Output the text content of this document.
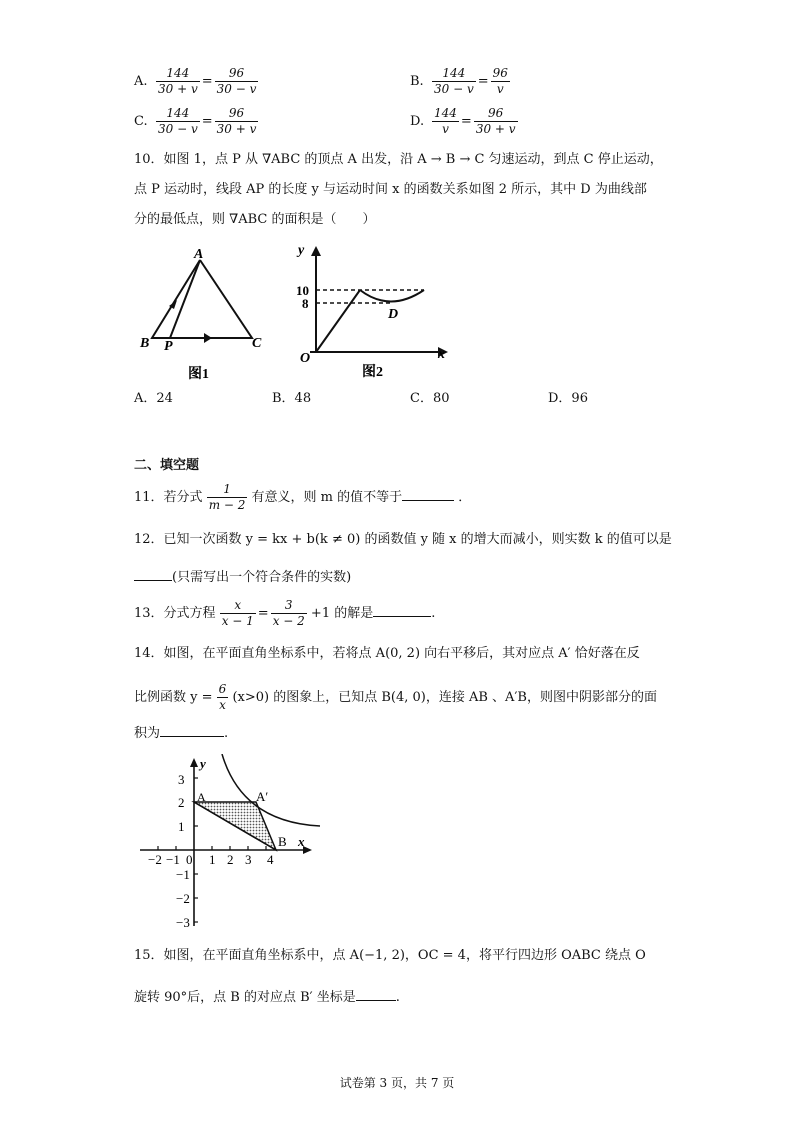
A. $\frac{144}{30 + v} = \frac{96}{30 - v}$	B. $\frac{144}{30 - v} = \frac{96}{v}$
C. $\frac{144}{30 - v} = \frac{96}{30 + v}$	D. $\frac{144}{v} = \frac{96}{30 + v}$
10．如图 1，点 P 从 ∇ABC 的顶点 A 出发，沿 A → B → C 匀速运动，到点 C 停止运动，
点 P 运动时，线段 AP 的长度 y 与运动时间 x 的函数关系如图 2 所示，其中 D 为曲线部
分的最低点，则 ∇ABC 的面积是（　　）
A
B P	C
图1
y
10
8
D
O	x
图2
A．24	B．48	C．80	D．96
二、填空题
11．若分式 $\frac{1}{m - 2}$ 有意义，则 m 的值不等于	．
12．已知一次函数 y = kx + b(k ≠ 0) 的函数值 y 随 x 的增大而减小，则实数 k 的值可以是
(只需写出一个符合条件的实数)
13．分式方程 $\frac{x}{x - 1} = \frac{3}{x - 2} +1$ 的解是	.
14．如图，在平面直角坐标系中，若将点 A(0, 2) 向右平移后，其对应点 A′ 恰好落在反
比例函数 $y = \frac{6}{x} (x>0)$ 的图象上，已知点 B(4, 0)，连接 AB 、A′B，则图中阴影部分的面
积为	.
y
x
A	A′
B
0
−2 −1 1 2 3 4
3
2
1
−1
−2
−3
15．如图，在平面直角坐标系中，点 A(−1, 2)，OC = 4，将平行四边形 OABC 绕点 O
旋转 90°后，点 B 的对应点 B′ 坐标是	.
试卷第 3 页，共 7 页
